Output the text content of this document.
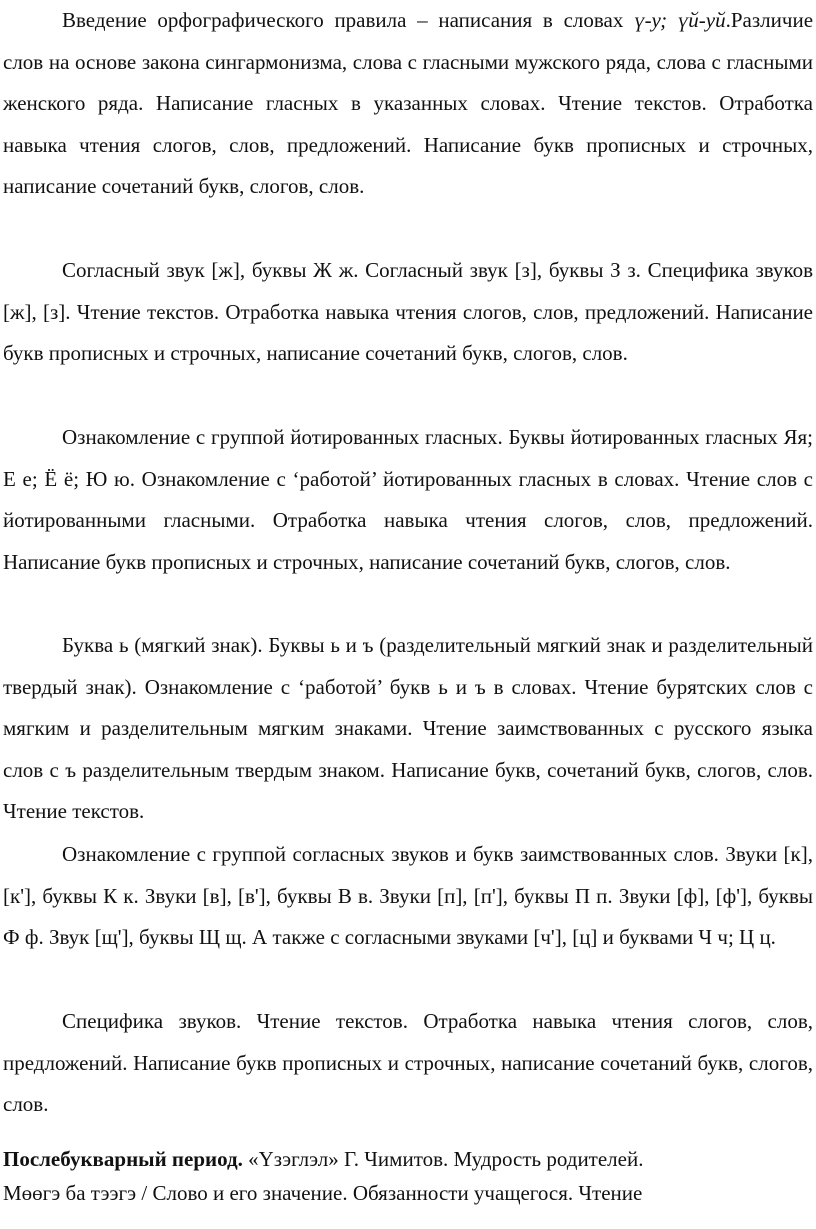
Введение орфографического правила – написания в словах ү-у; үй-уй.Различие слов на основе закона сингармонизма, слова с гласными мужского ряда, слова с гласными женского ряда. Написание гласных в указанных словах. Чтение текстов. Отработка навыка чтения слогов, слов, предложений. Написание букв прописных и строчных, написание сочетаний букв, слогов, слов.

Согласный звук [ж], буквы Ж ж. Согласный звук [з], буквы З з. Специфика звуков [ж], [з]. Чтение текстов. Отработка навыка чтения слогов, слов, предложений. Написание букв прописных и строчных, написание сочетаний букв, слогов, слов.

Ознакомление с группой йотированных гласных. Буквы йотированных гласных Яя; Е е; Ё ё; Ю ю. Ознакомление с ‘работой’ йотированных гласных в словах. Чтение слов с йотированными гласными. Отработка навыка чтения слогов, слов, предложений. Написание букв прописных и строчных, написание сочетаний букв, слогов, слов.

Буква ь (мягкий знак). Буквы ь и ъ (разделительный мягкий знак и разделительный твердый знак). Ознакомление с ‘работой’ букв ь и ъ в словах. Чтение бурятских слов с мягким и разделительным мягким знаками. Чтение заимствованных с русского языка слов с ъ разделительным твердым знаком. Написание букв, сочетаний букв, слогов, слов. Чтение текстов.

Ознакомление с группой согласных звуков и букв заимствованных слов. Звуки [к], [к'], буквы К к. Звуки [в], [в'], буквы В в. Звуки [п], [п'], буквы П п. Звуки [ф], [ф'], буквы Ф ф. Звук [щ'], буквы Щ щ. А также с согласными звуками [ч'], [ц] и буквами Ч ч; Ц ц.

Специфика звуков. Чтение текстов. Отработка навыка чтения слогов, слов, предложений. Написание букв прописных и строчных, написание сочетаний букв, слогов, слов.

Послебукварный период. «Үзэглэл» Г. Чимитов. Мудрость родителей.
Мөөгэ ба тээгэ / Слово и его значение. Обязанности учащегося. Чтение
